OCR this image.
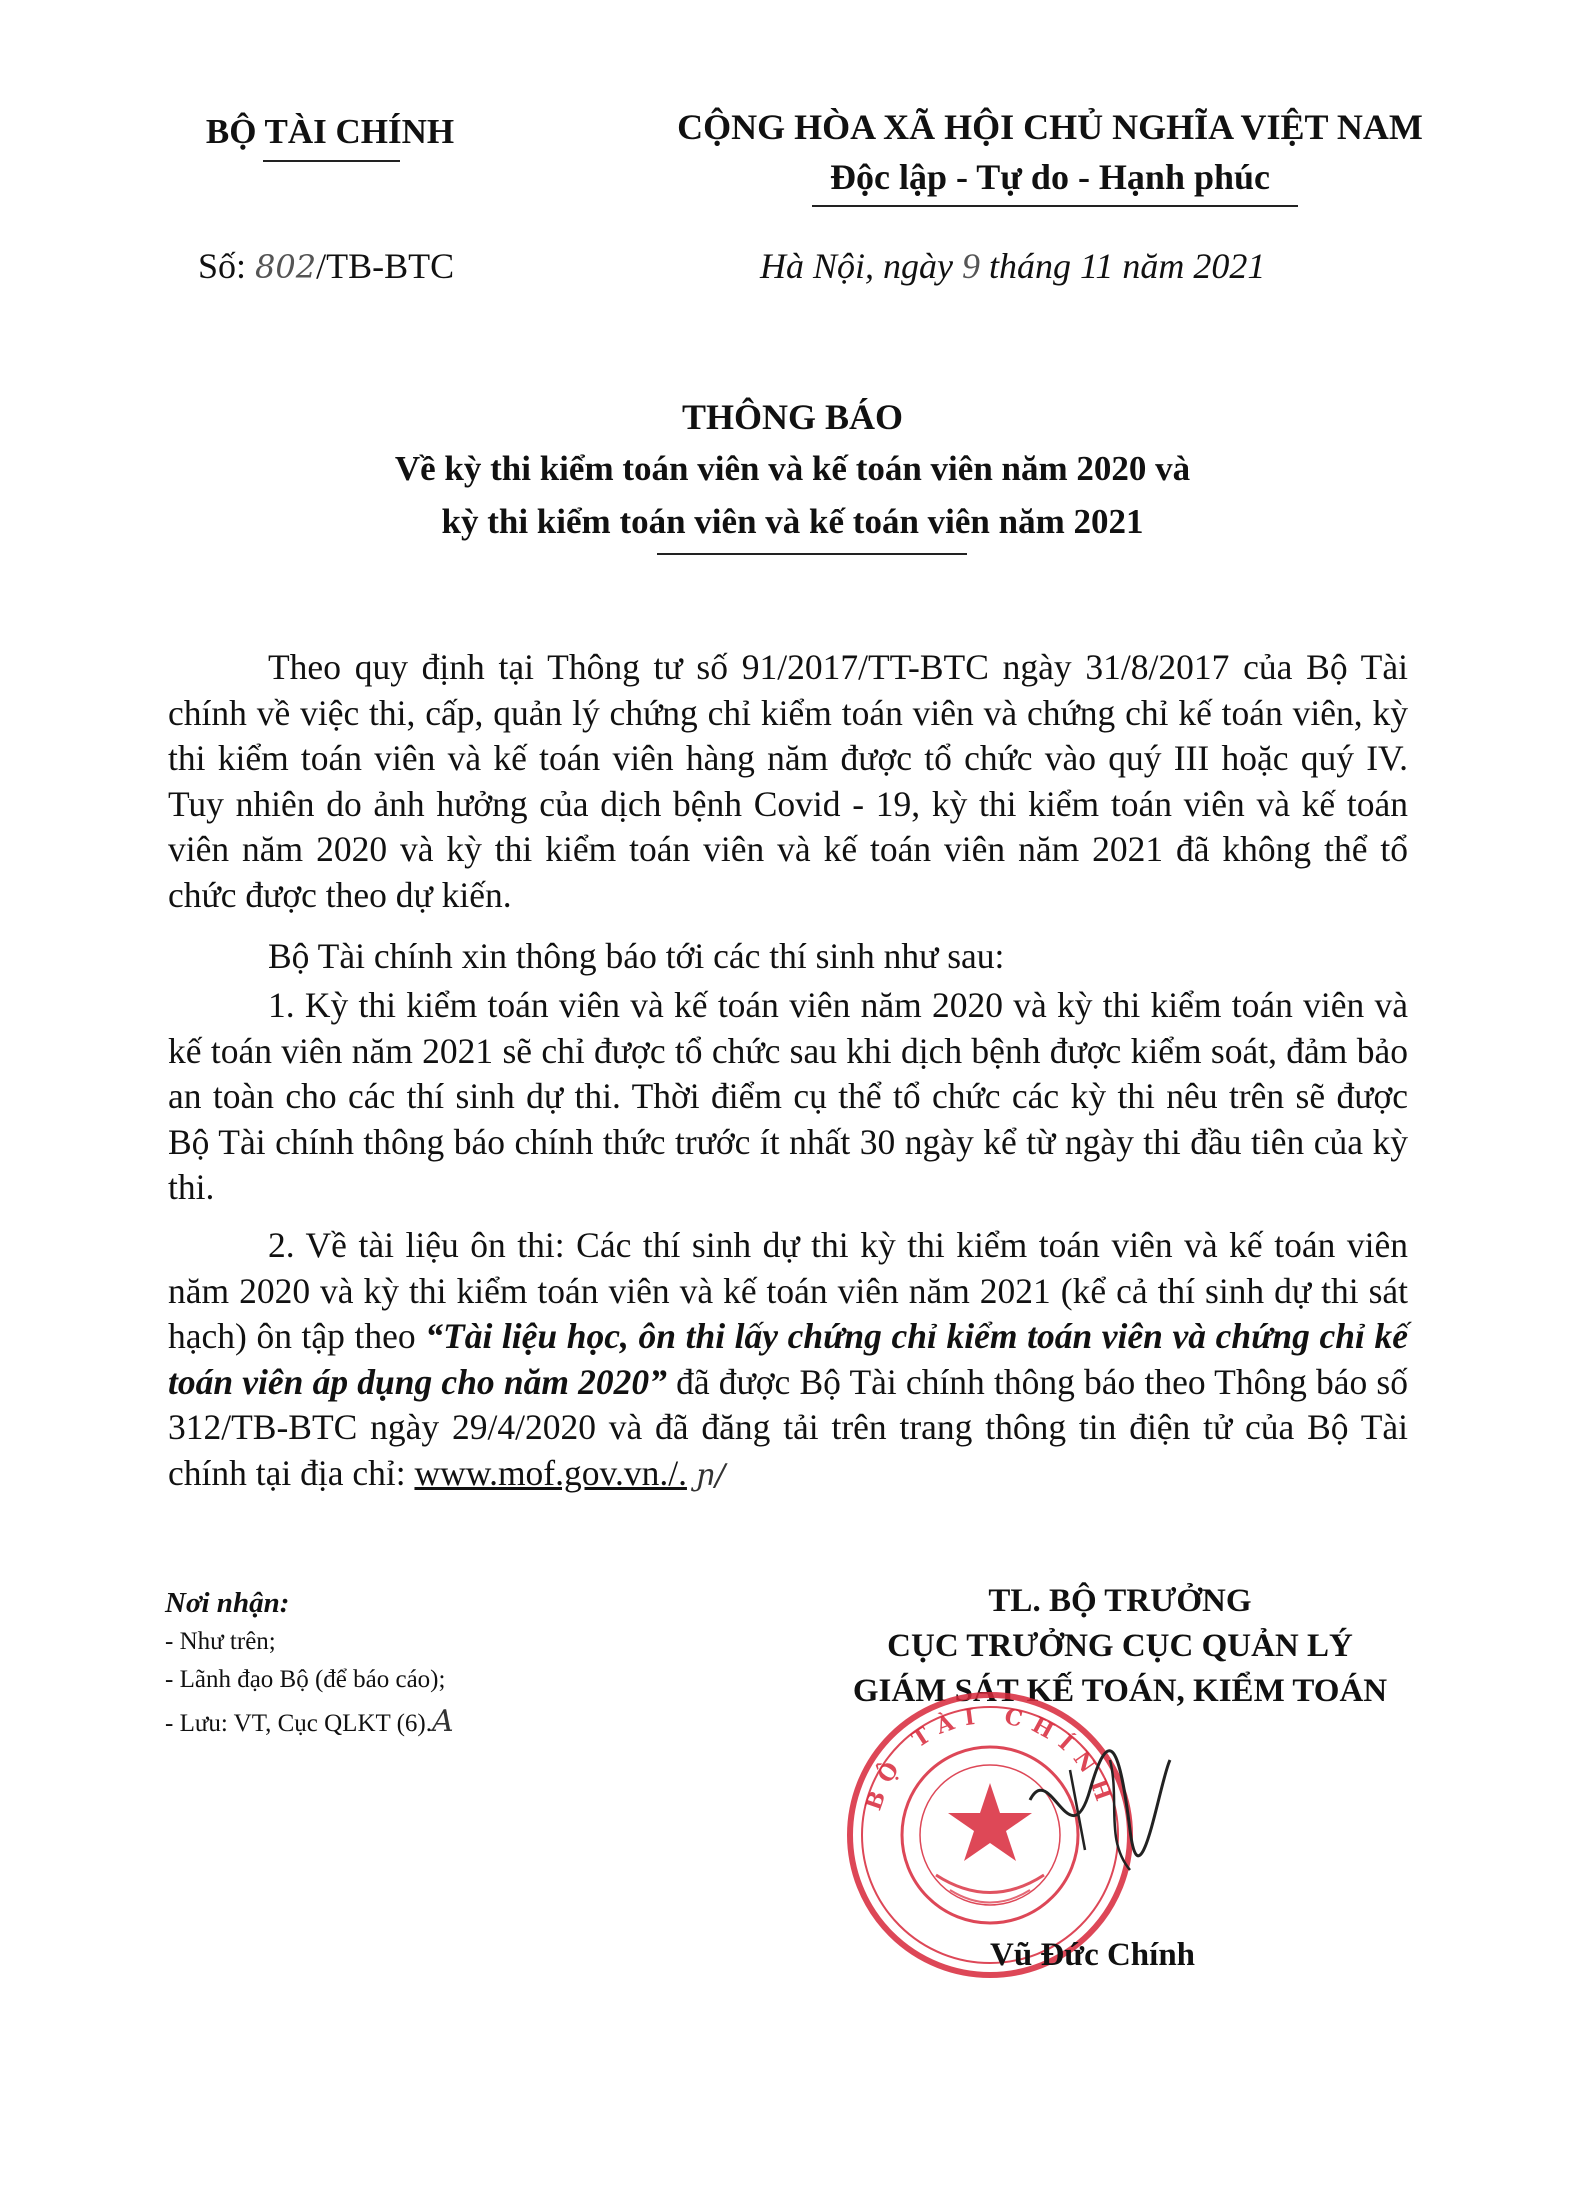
BỘ TÀI CHÍNH	CỘNG HÒA XÃ HỘI CHỦ NGHĨA VIỆT NAM
Độc lập - Tự do - Hạnh phúc
Số: 802/TB-BTC	Hà Nội, ngày 9 tháng 11 năm 2021
THÔNG BÁO
Về kỳ thi kiểm toán viên và kế toán viên năm 2020 và
kỳ thi kiểm toán viên và kế toán viên năm 2021
Theo quy định tại Thông tư số 91/2017/TT-BTC ngày 31/8/2017 của Bộ Tài chính về việc thi, cấp, quản lý chứng chỉ kiểm toán viên và chứng chỉ kế toán viên, kỳ thi kiểm toán viên và kế toán viên hàng năm được tổ chức vào quý III hoặc quý IV. Tuy nhiên do ảnh hưởng của dịch bệnh Covid - 19, kỳ thi kiểm toán viên và kế toán viên năm 2020 và kỳ thi kiểm toán viên và kế toán viên năm 2021 đã không thể tổ chức được theo dự kiến.
Bộ Tài chính xin thông báo tới các thí sinh như sau:
1. Kỳ thi kiểm toán viên và kế toán viên năm 2020 và kỳ thi kiểm toán viên và kế toán viên năm 2021 sẽ chỉ được tổ chức sau khi dịch bệnh được kiểm soát, đảm bảo an toàn cho các thí sinh dự thi. Thời điểm cụ thể tổ chức các kỳ thi nêu trên sẽ được Bộ Tài chính thông báo chính thức trước ít nhất 30 ngày kể từ ngày thi đầu tiên của kỳ thi.
2. Về tài liệu ôn thi: Các thí sinh dự thi kỳ thi kiểm toán viên và kế toán viên năm 2020 và kỳ thi kiểm toán viên và kế toán viên năm 2021 (kể cả thí sinh dự thi sát hạch) ôn tập theo “Tài liệu học, ôn thi lấy chứng chỉ kiểm toán viên và chứng chỉ kế toán viên áp dụng cho năm 2020” đã được Bộ Tài chính thông báo theo Thông báo số 312/TB-BTC ngày 29/4/2020 và đã đăng tải trên trang thông tin điện tử của Bộ Tài chính tại địa chỉ: www.mof.gov.vn./. ɲ/
Nơi nhận:
- Như trên;
- Lãnh đạo Bộ (để báo cáo);
- Lưu: VT, Cục QLKT (6).A
TL. BỘ TRƯỞNG
CỤC TRƯỞNG CỤC QUẢN LÝ
GIÁM SÁT KẾ TOÁN, KIỂM TOÁN
BỘ TÀI CHÍNH
Vũ Đức Chính
